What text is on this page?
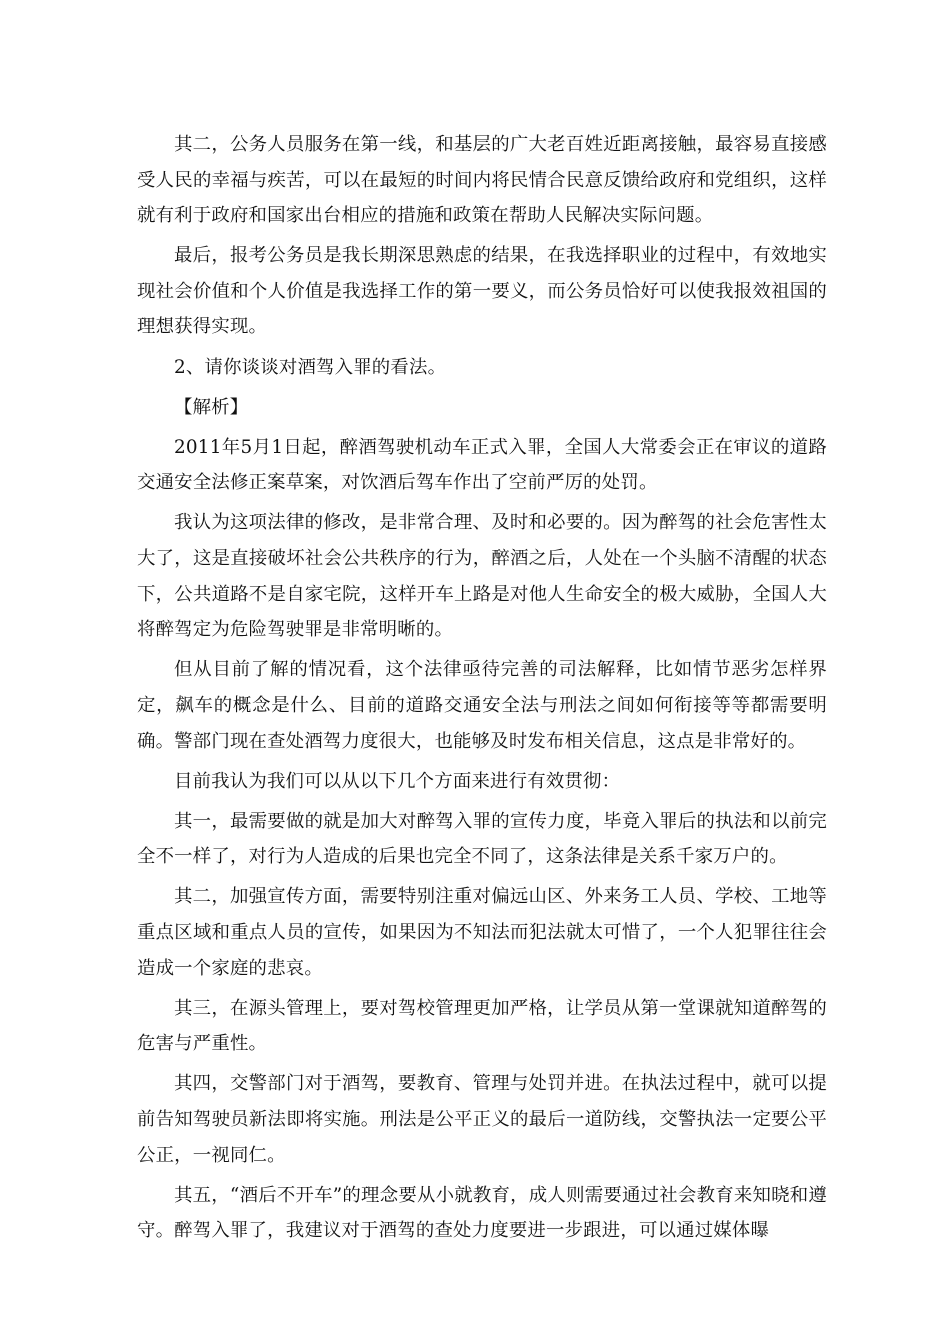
其二，公务人员服务在第一线，和基层的广大老百姓近距离接触，最容易直接感受人民的幸福与疾苦，可以在最短的时间内将民情合民意反馈给政府和党组织，这样就有利于政府和国家出台相应的措施和政策在帮助人民解决实际问题。

最后，报考公务员是我长期深思熟虑的结果，在我选择职业的过程中，有效地实现社会价值和个人价值是我选择工作的第一要义，而公务员恰好可以使我报效祖国的理想获得实现。

2、请你谈谈对酒驾入罪的看法。

【解析】

2011年5月1日起，醉酒驾驶机动车正式入罪，全国人大常委会正在审议的道路交通安全法修正案草案，对饮酒后驾车作出了空前严厉的处罚。

我认为这项法律的修改，是非常合理、及时和必要的。因为醉驾的社会危害性太大了，这是直接破坏社会公共秩序的行为，醉酒之后，人处在一个头脑不清醒的状态下，公共道路不是自家宅院，这样开车上路是对他人生命安全的极大威胁，全国人大将醉驾定为危险驾驶罪是非常明晰的。

但从目前了解的情况看，这个法律亟待完善的司法解释，比如情节恶劣怎样界定，飙车的概念是什么、目前的道路交通安全法与刑法之间如何衔接等等都需要明确。警部门现在查处酒驾力度很大，也能够及时发布相关信息，这点是非常好的。

目前我认为我们可以从以下几个方面来进行有效贯彻：

其一，最需要做的就是加大对醉驾入罪的宣传力度，毕竟入罪后的执法和以前完全不一样了，对行为人造成的后果也完全不同了，这条法律是关系千家万户的。

其二，加强宣传方面，需要特别注重对偏远山区、外来务工人员、学校、工地等重点区域和重点人员的宣传，如果因为不知法而犯法就太可惜了，一个人犯罪往往会造成一个家庭的悲哀。

其三，在源头管理上，要对驾校管理更加严格，让学员从第一堂课就知道醉驾的危害与严重性。

其四，交警部门对于酒驾，要教育、管理与处罚并进。在执法过程中，就可以提前告知驾驶员新法即将实施。刑法是公平正义的最后一道防线，交警执法一定要公平公正，一视同仁。

其五，“酒后不开车”的理念要从小就教育，成人则需要通过社会教育来知晓和遵守。醉驾入罪了，我建议对于酒驾的查处力度要进一步跟进，可以通过媒体曝
